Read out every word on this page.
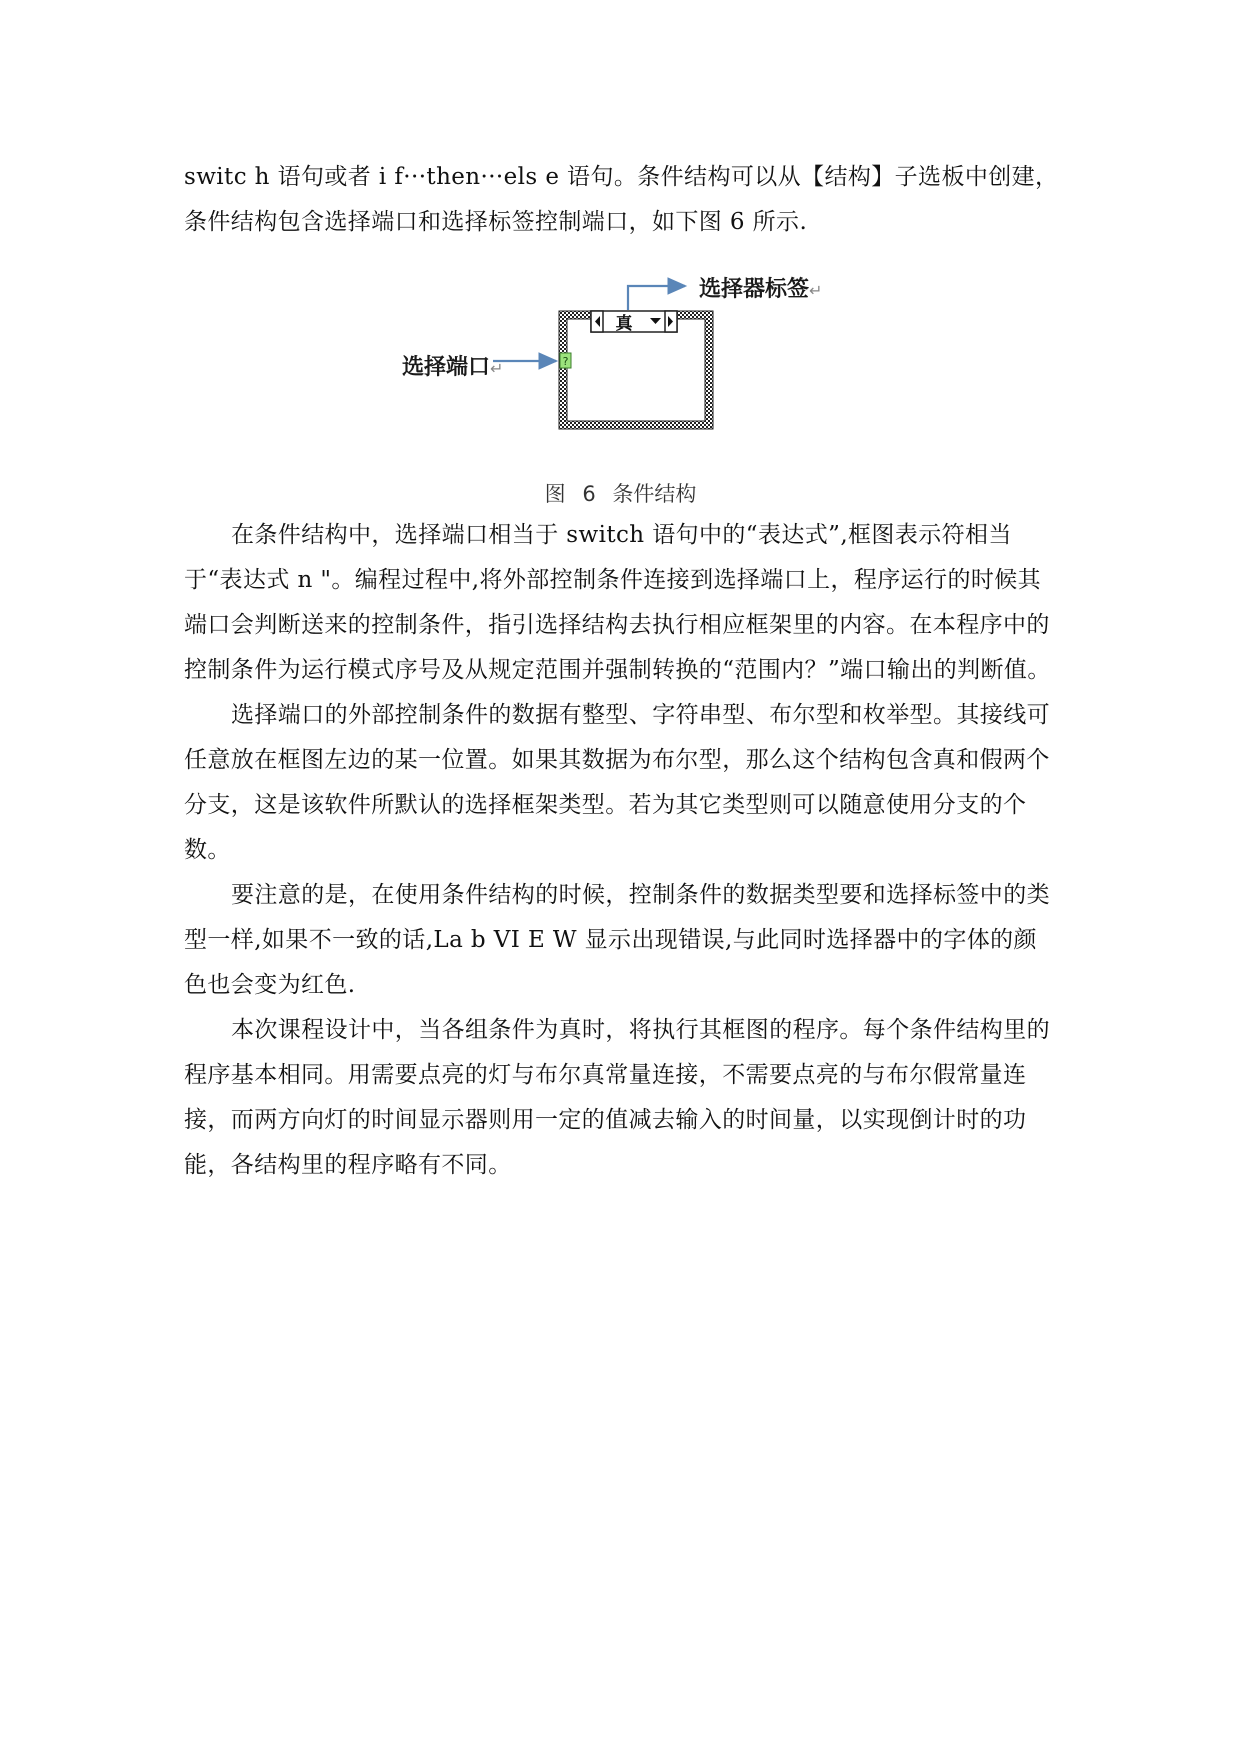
switc h 语句或者 i f···then···els e 语句。条件结构可以从【结构】子选板中创建，
条件结构包含选择端口和选择标签控制端口，如下图 6 所示.
真
?
选择器标签↵
选择端口↵
图 6 条件结构

在条件结构中，选择端口相当于 switch 语句中的“表达式”,框图表示符相当于“表达式 n "。编程过程中,将外部控制条件连接到选择端口上，程序运行的时候其端口会判断送来的控制条件，指引选择结构去执行相应框架里的内容。在本程序中的控制条件为运行模式序号及从规定范围并强制转换的“范围内？”端口输出的判断值。

选择端口的外部控制条件的数据有整型、字符串型、布尔型和枚举型。其接线可任意放在框图左边的某一位置。如果其数据为布尔型，那么这个结构包含真和假两个分支，这是该软件所默认的选择框架类型。若为其它类型则可以随意使用分支的个数。

要注意的是，在使用条件结构的时候，控制条件的数据类型要和选择标签中的类型一样,如果不一致的话,La b VI E W 显示出现错误,与此同时选择器中的字体的颜色也会变为红色.

本次课程设计中，当各组条件为真时，将执行其框图的程序。每个条件结构里的程序基本相同。用需要点亮的灯与布尔真常量连接，不需要点亮的与布尔假常量连接，而两方向灯的时间显示器则用一定的值减去输入的时间量，以实现倒计时的功能，各结构里的程序略有不同。
